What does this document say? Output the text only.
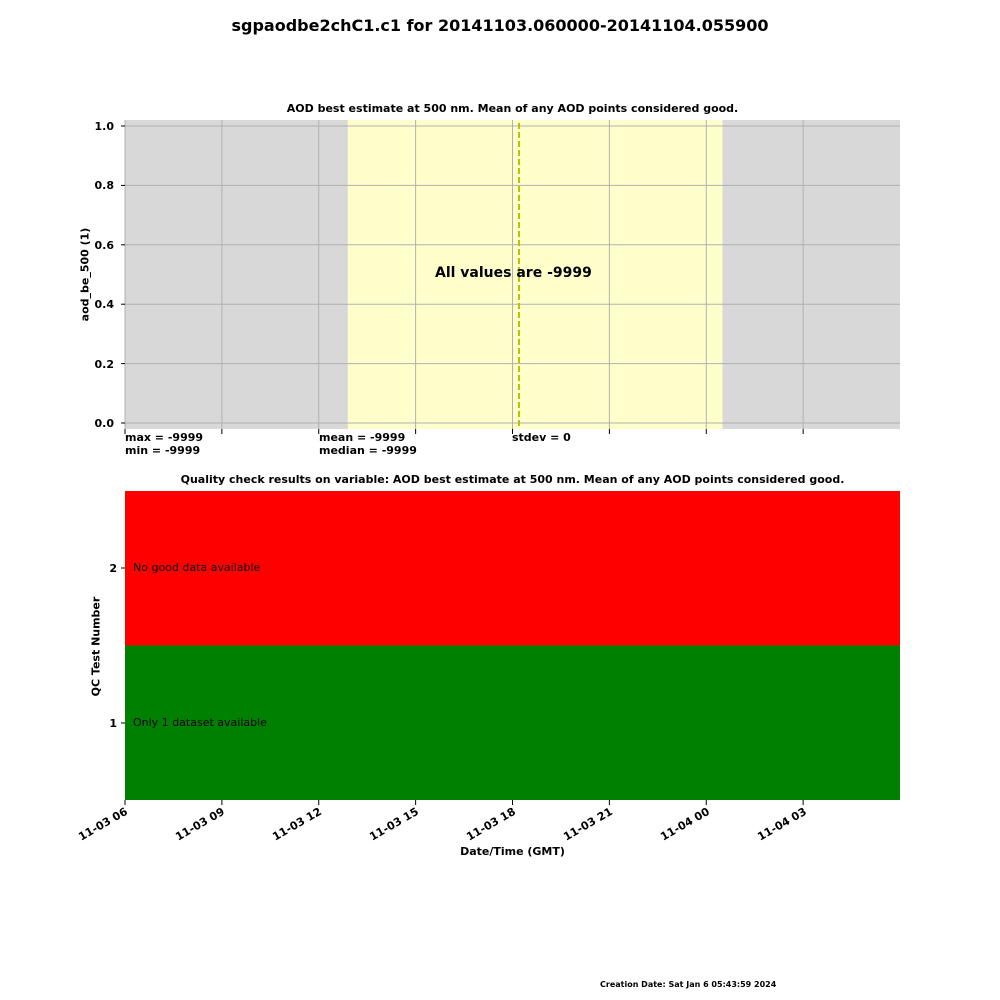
sgpaodbe2chC1.c1 for 20141103.060000-20141104.055900
AOD best estimate at 500 nm. Mean of any AOD points considered good.
0.0
0.2
0.4
0.6
0.8
1.0
aod_be_500 (1)	All values are -9999
max = -9999
min = -9999
mean = -9999
median = -9999
stdev = 0
Quality check results on variable: AOD best estimate at 500 nm. Mean of any AOD points considered good.
2
1
No good data available
Only 1 dataset available
QC Test Number
11-03 06	11-03 09	11-03 12	11-03 15	11-03 18	11-03 21	11-04 00	11-04 03
Date/Time (GMT)
Creation Date: Sat Jan 6 05:43:59 2024
